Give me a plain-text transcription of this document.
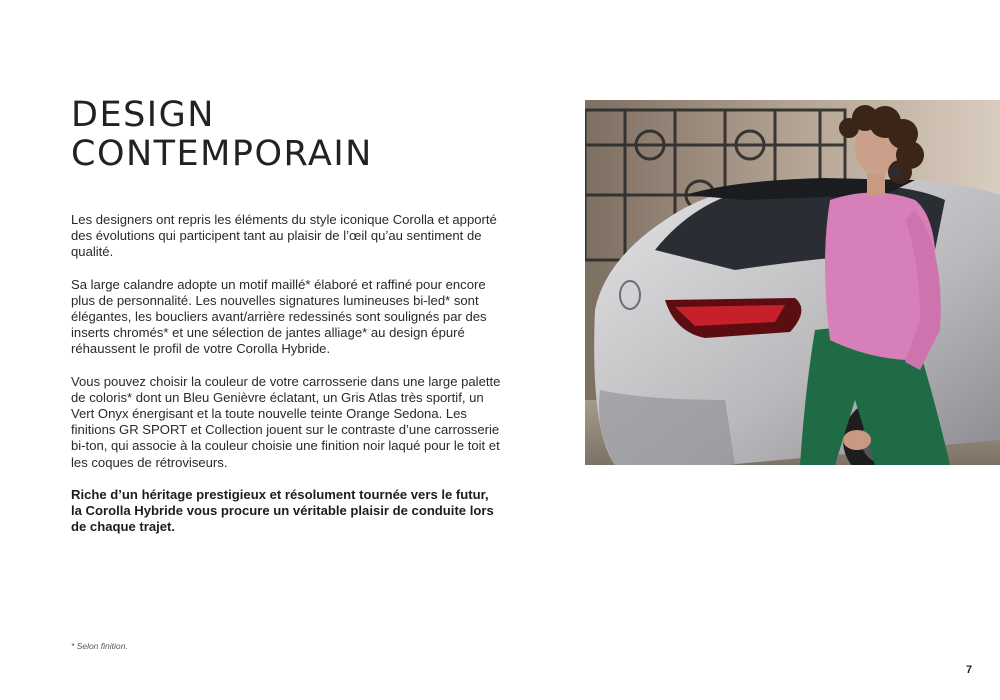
DESIGN
CONTEMPORAIN

Les designers ont repris les éléments du style iconique Corolla et apporté des évolutions qui participent tant au plaisir de l’œil qu’au sentiment de qualité.

Sa large calandre adopte un motif maillé* élaboré et raffiné pour encore plus de personnalité. Les nouvelles signatures lumineuses bi-led* sont élégantes, les boucliers avant/arrière redessinés sont soulignés par des inserts chromés* et une sélection de jantes alliage* au design épuré réhaussent le profil de votre Corolla Hybride.

Vous pouvez choisir la couleur de votre carrosserie dans une large palette de coloris* dont un Bleu Genièvre éclatant, un Gris Atlas très sportif, un Vert Onyx énergisant et la toute nouvelle teinte Orange Sedona. Les finitions GR SPORT et Collection jouent sur le contraste d’une carrosserie bi-ton, qui associe à la couleur choisie une finition noir laqué pour le toit et les coques de rétroviseurs.

Riche d’un héritage prestigieux et résolument tournée vers le futur, la Corolla Hybride vous procure un véritable plaisir de conduite lors de chaque trajet.

* Selon finition.
7
